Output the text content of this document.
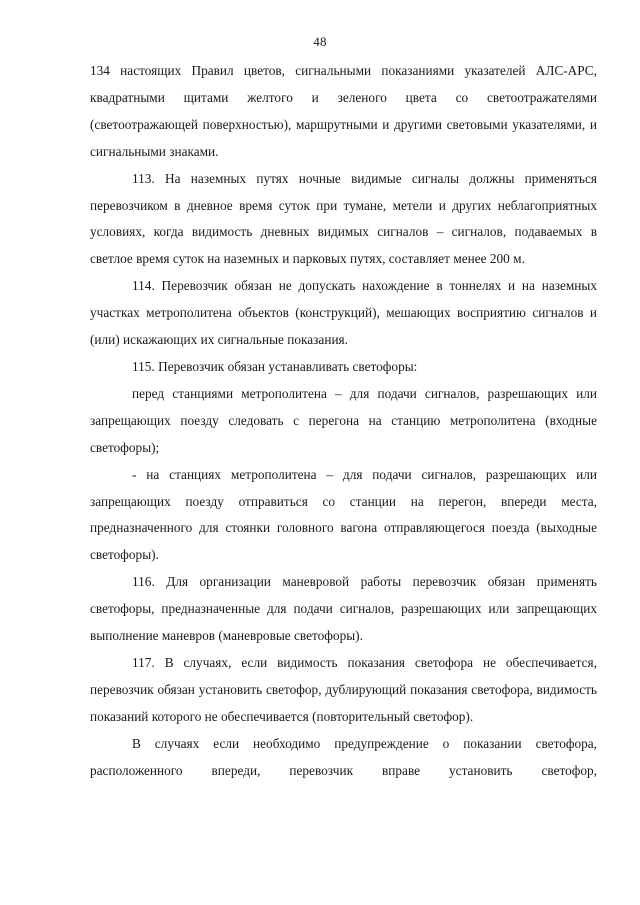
48

134 настоящих Правил цветов, сигнальными показаниями указателей АЛС-АРС, квадратными щитами желтого и зеленого цвета со светоотражателями (светоотражающей поверхностью), маршрутными и другими световыми указателями, и сигнальными знаками.

113. На наземных путях ночные видимые сигналы должны применяться перевозчиком в дневное время суток при тумане, метели и других неблагоприятных условиях, когда видимость дневных видимых сигналов – сигналов, подаваемых в светлое время суток на наземных и парковых путях, составляет менее 200 м.

114. Перевозчик обязан не допускать нахождение в тоннелях и на наземных участках метрополитена объектов (конструкций), мешающих восприятию сигналов и (или) искажающих их сигнальные показания.

115. Перевозчик обязан устанавливать светофоры:

перед станциями метрополитена – для подачи сигналов, разрешающих или запрещающих поезду следовать с перегона на станцию метрополитена (входные светофоры);

- на станциях метрополитена – для подачи сигналов, разрешающих или запрещающих поезду отправиться со станции на перегон, впереди места, предназначенного для стоянки головного вагона отправляющегося поезда (выходные светофоры).

116. Для организации маневровой работы перевозчик обязан применять светофоры, предназначенные для подачи сигналов, разрешающих или запрещающих выполнение маневров (маневровые светофоры).

117. В случаях, если видимость показания светофора не обеспечивается, перевозчик обязан установить светофор, дублирующий показания светофора, видимость показаний которого не обеспечивается (повторительный светофор).

В случаях если необходимо предупреждение о показании светофора, расположенного впереди, перевозчик вправе установить светофор,
